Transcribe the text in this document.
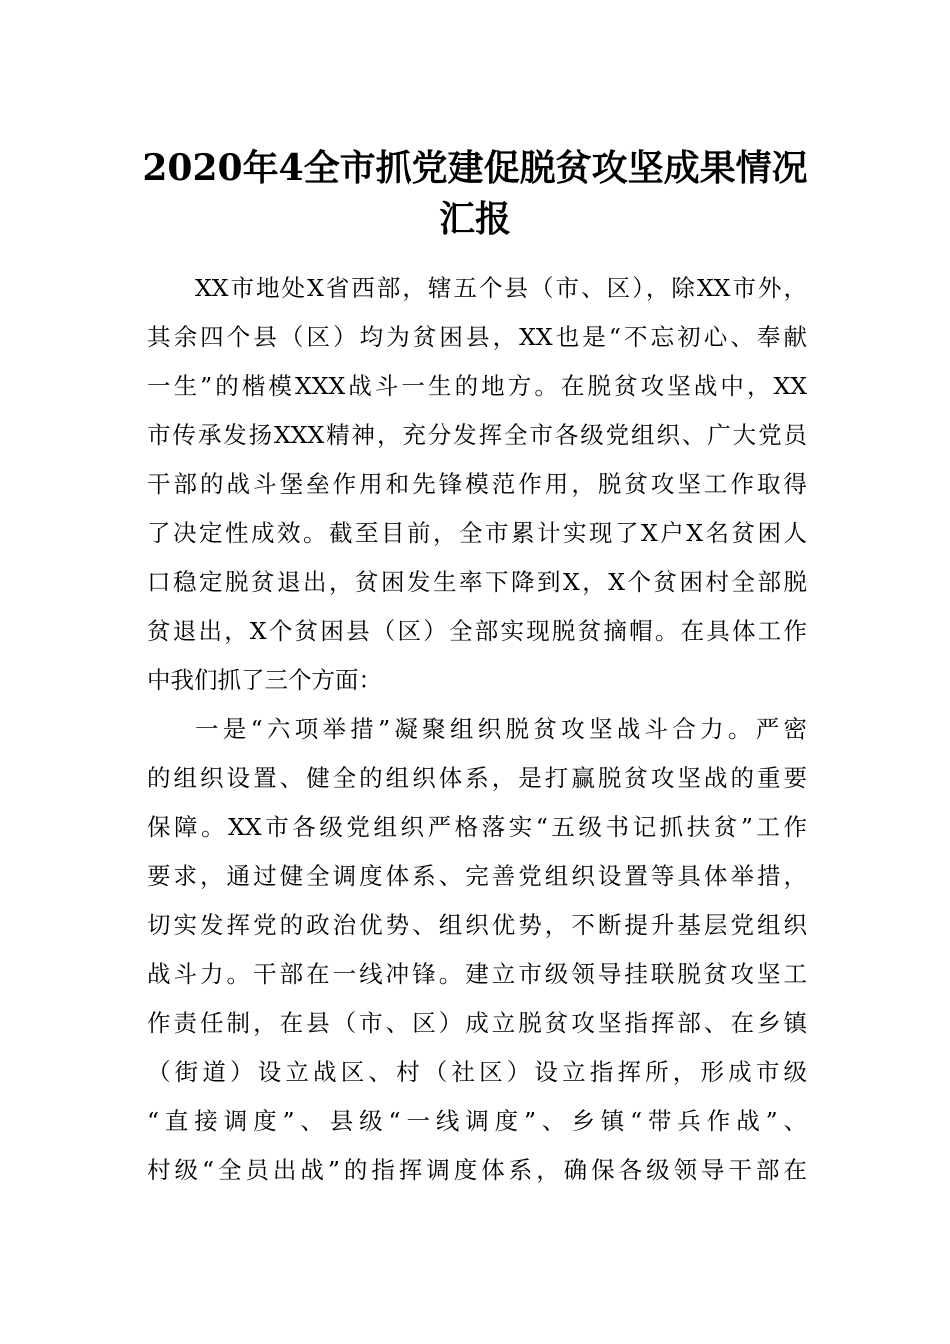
2020年4全市抓党建促脱贫攻坚成果情况
汇报

XX市地处X省西部，辖五个县（市、区），除XX市外，

其余四个县（区）均为贫困县，XX也是“不忘初心、奉献

一生”的楷模XXX战斗一生的地方。在脱贫攻坚战中，XX

市传承发扬XXX精神，充分发挥全市各级党组织、广大党员

干部的战斗堡垒作用和先锋模范作用，脱贫攻坚工作取得

了决定性成效。截至目前，全市累计实现了X户X名贫困人

口稳定脱贫退出，贫困发生率下降到X，X个贫困村全部脱

贫退出，X个贫困县（区）全部实现脱贫摘帽。在具体工作

中我们抓了三个方面：

一是“六项举措”凝聚组织脱贫攻坚战斗合力。严密

的组织设置、健全的组织体系，是打赢脱贫攻坚战的重要

保障。XX市各级党组织严格落实“五级书记抓扶贫”工作

要求，通过健全调度体系、完善党组织设置等具体举措，

切实发挥党的政治优势、组织优势，不断提升基层党组织

战斗力。干部在一线冲锋。建立市级领导挂联脱贫攻坚工

作责任制，在县（市、区）成立脱贫攻坚指挥部、在乡镇

（街道）设立战区、村（社区）设立指挥所，形成市级

“直接调度”、县级“一线调度”、乡镇“带兵作战”、

村级“全员出战”的指挥调度体系，确保各级领导干部在
